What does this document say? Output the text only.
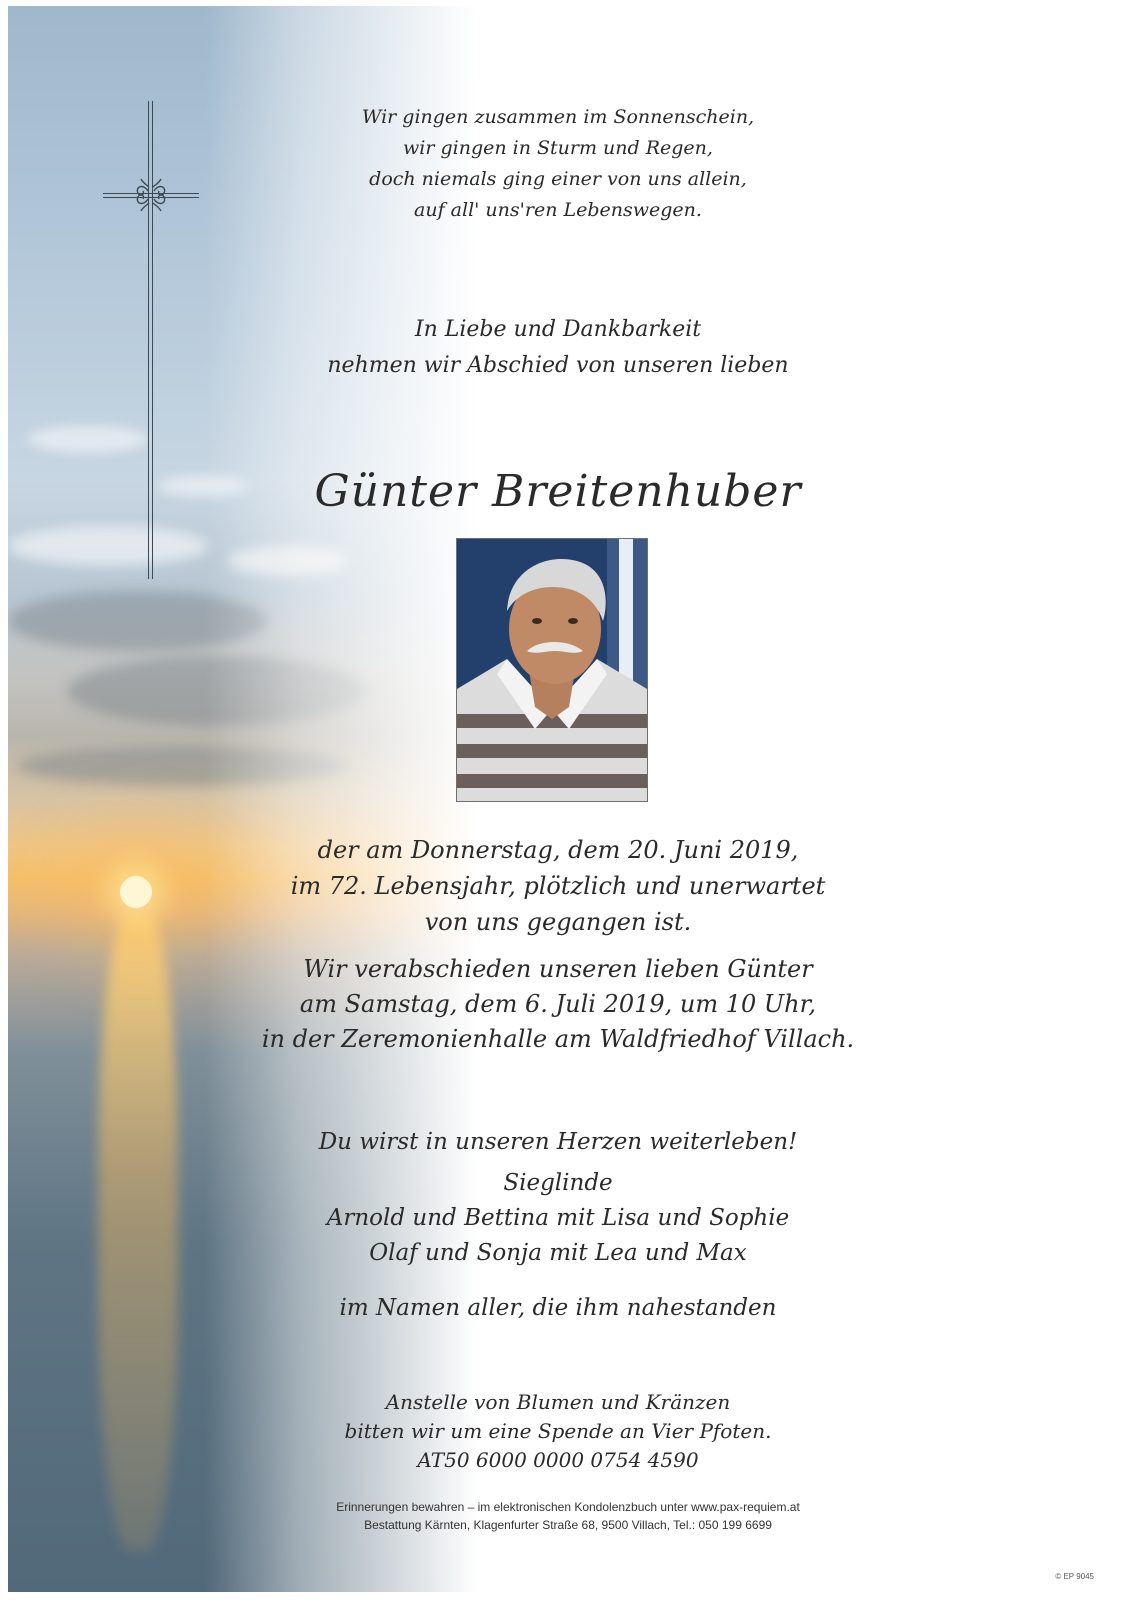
Wir gingen zusammen im Sonnenschein,
wir gingen in Sturm und Regen,
doch niemals ging einer von uns allein,
auf all' uns'ren Lebenswegen.
In Liebe und Dankbarkeit
nehmen wir Abschied von unseren lieben
Günter Breitenhuber
der am Donnerstag, dem 20. Juni 2019,
im 72. Lebensjahr, plötzlich und unerwartet
von uns gegangen ist.
Wir verabschieden unseren lieben Günter
am Samstag, dem 6. Juli 2019, um 10 Uhr,
in der Zeremonienhalle am Waldfriedhof Villach.
Du wirst in unseren Herzen weiterleben!
Sieglinde
Arnold und Bettina mit Lisa und Sophie
Olaf und Sonja mit Lea und Max
im Namen aller, die ihm nahestanden
Anstelle von Blumen und Kränzen
bitten wir um eine Spende an Vier Pfoten.
AT50 6000 0000 0754 4590
Erinnerungen bewahren – im elektronischen Kondolenzbuch unter www.pax-requiem.at
Bestattung Kärnten, Klagenfurter Straße 68, 9500 Villach, Tel.: 050 199 6699
© EP 9045
